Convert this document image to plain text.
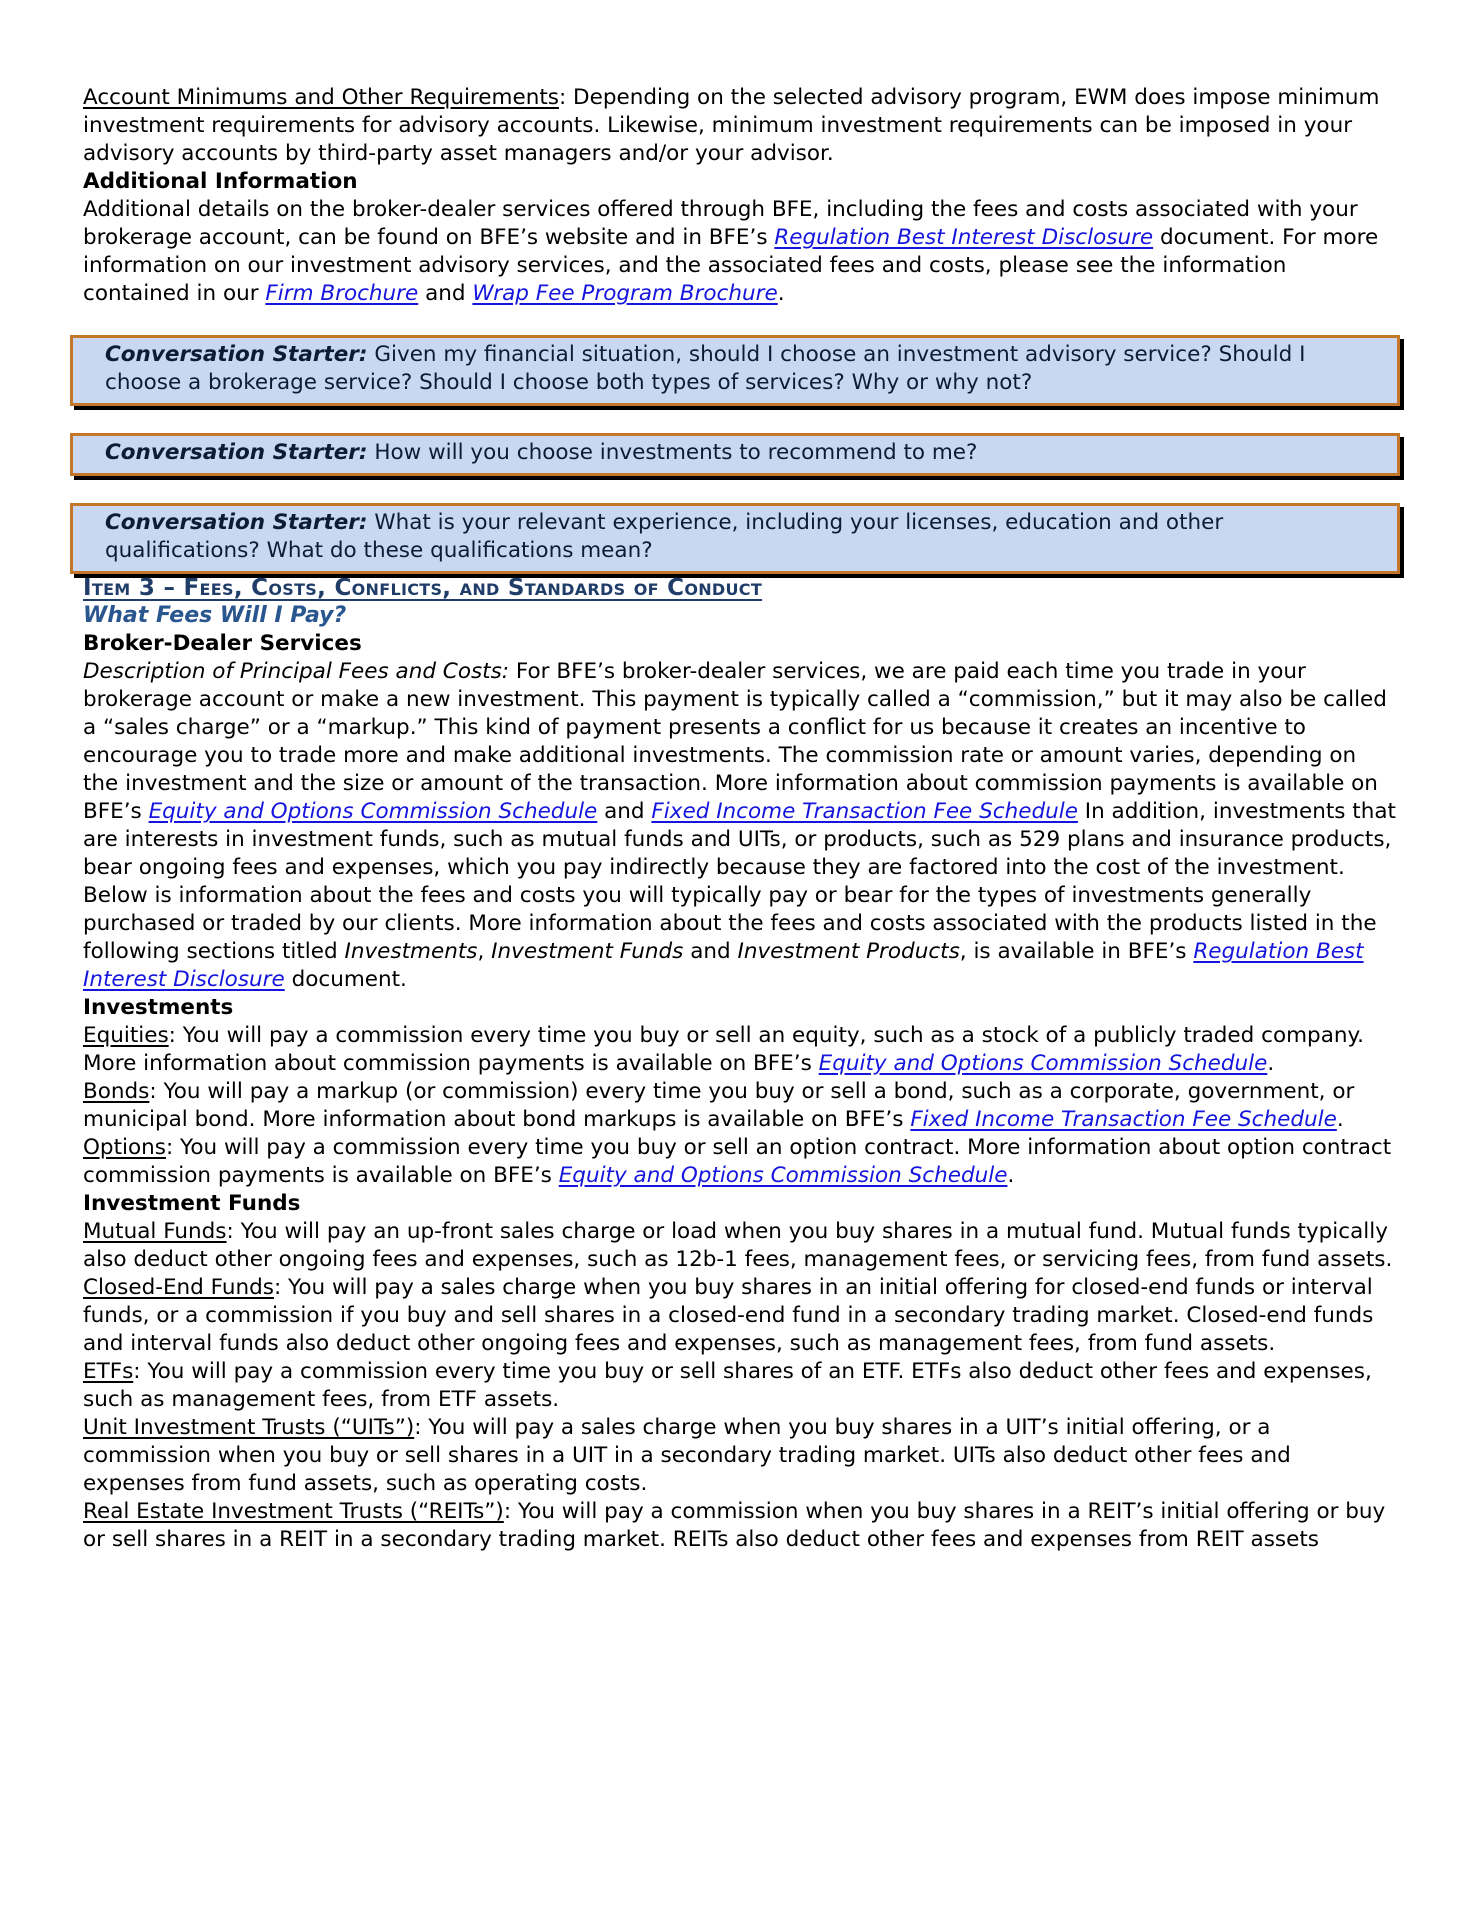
Account Minimums and Other Requirements: Depending on the selected advisory program, EWM does impose minimum investment requirements for advisory accounts. Likewise, minimum investment requirements can be imposed in your advisory accounts by third-party asset managers and/or your advisor.

Additional Information

Additional details on the broker-dealer services offered through BFE, including the fees and costs associated with your brokerage account, can be found on BFE’s website and in BFE’s Regulation Best Interest Disclosure document. For more information on our investment advisory services, and the associated fees and costs, please see the information contained in our Firm Brochure and Wrap Fee Program Brochure.

Conversation Starter: Given my financial situation, should I choose an investment advisory service? Should I choose a brokerage service? Should I choose both types of services? Why or why not?

Conversation Starter: How will you choose investments to recommend to me?

Conversation Starter: What is your relevant experience, including your licenses, education and other qualifications? What do these qualifications mean?

Item 3 – Fees, Costs, Conflicts, and Standards of Conduct

What Fees Will I Pay?

Broker-Dealer Services

Description of Principal Fees and Costs: For BFE’s broker-dealer services, we are paid each time you trade in your brokerage account or make a new investment. This payment is typically called a “commission,” but it may also be called a “sales charge” or a “markup.” This kind of payment presents a conflict for us because it creates an incentive to encourage you to trade more and make additional investments. The commission rate or amount varies, depending on the investment and the size or amount of the transaction. More information about commission payments is available on BFE’s Equity and Options Commission Schedule and Fixed Income Transaction Fee Schedule In addition, investments that are interests in investment funds, such as mutual funds and UITs, or products, such as 529 plans and insurance products, bear ongoing fees and expenses, which you pay indirectly because they are factored into the cost of the investment. Below is information about the fees and costs you will typically pay or bear for the types of investments generally purchased or traded by our clients. More information about the fees and costs associated with the products listed in the following sections titled Investments, Investment Funds and Investment Products, is available in BFE’s Regulation Best Interest Disclosure document.

Investments

Equities: You will pay a commission every time you buy or sell an equity, such as a stock of a publicly traded company. More information about commission payments is available on BFE’s Equity and Options Commission Schedule.

Bonds: You will pay a markup (or commission) every time you buy or sell a bond, such as a corporate, government, or municipal bond. More information about bond markups is available on BFE’s Fixed Income Transaction Fee Schedule.

Options: You will pay a commission every time you buy or sell an option contract. More information about option contract commission payments is available on BFE’s Equity and Options Commission Schedule.

Investment Funds

Mutual Funds: You will pay an up-front sales charge or load when you buy shares in a mutual fund. Mutual funds typically also deduct other ongoing fees and expenses, such as 12b-1 fees, management fees, or servicing fees, from fund assets.

Closed-End Funds: You will pay a sales charge when you buy shares in an initial offering for closed-end funds or interval funds, or a commission if you buy and sell shares in a closed-end fund in a secondary trading market. Closed-end funds and interval funds also deduct other ongoing fees and expenses, such as management fees, from fund assets.

ETFs: You will pay a commission every time you buy or sell shares of an ETF. ETFs also deduct other fees and expenses, such as management fees, from ETF assets.

Unit Investment Trusts (“UITs”): You will pay a sales charge when you buy shares in a UIT’s initial offering, or a commission when you buy or sell shares in a UIT in a secondary trading market. UITs also deduct other fees and expenses from fund assets, such as operating costs.

Real Estate Investment Trusts (“REITs”): You will pay a commission when you buy shares in a REIT’s initial offering or buy or sell shares in a REIT in a secondary trading market. REITs also deduct other fees and expenses from REIT assets
